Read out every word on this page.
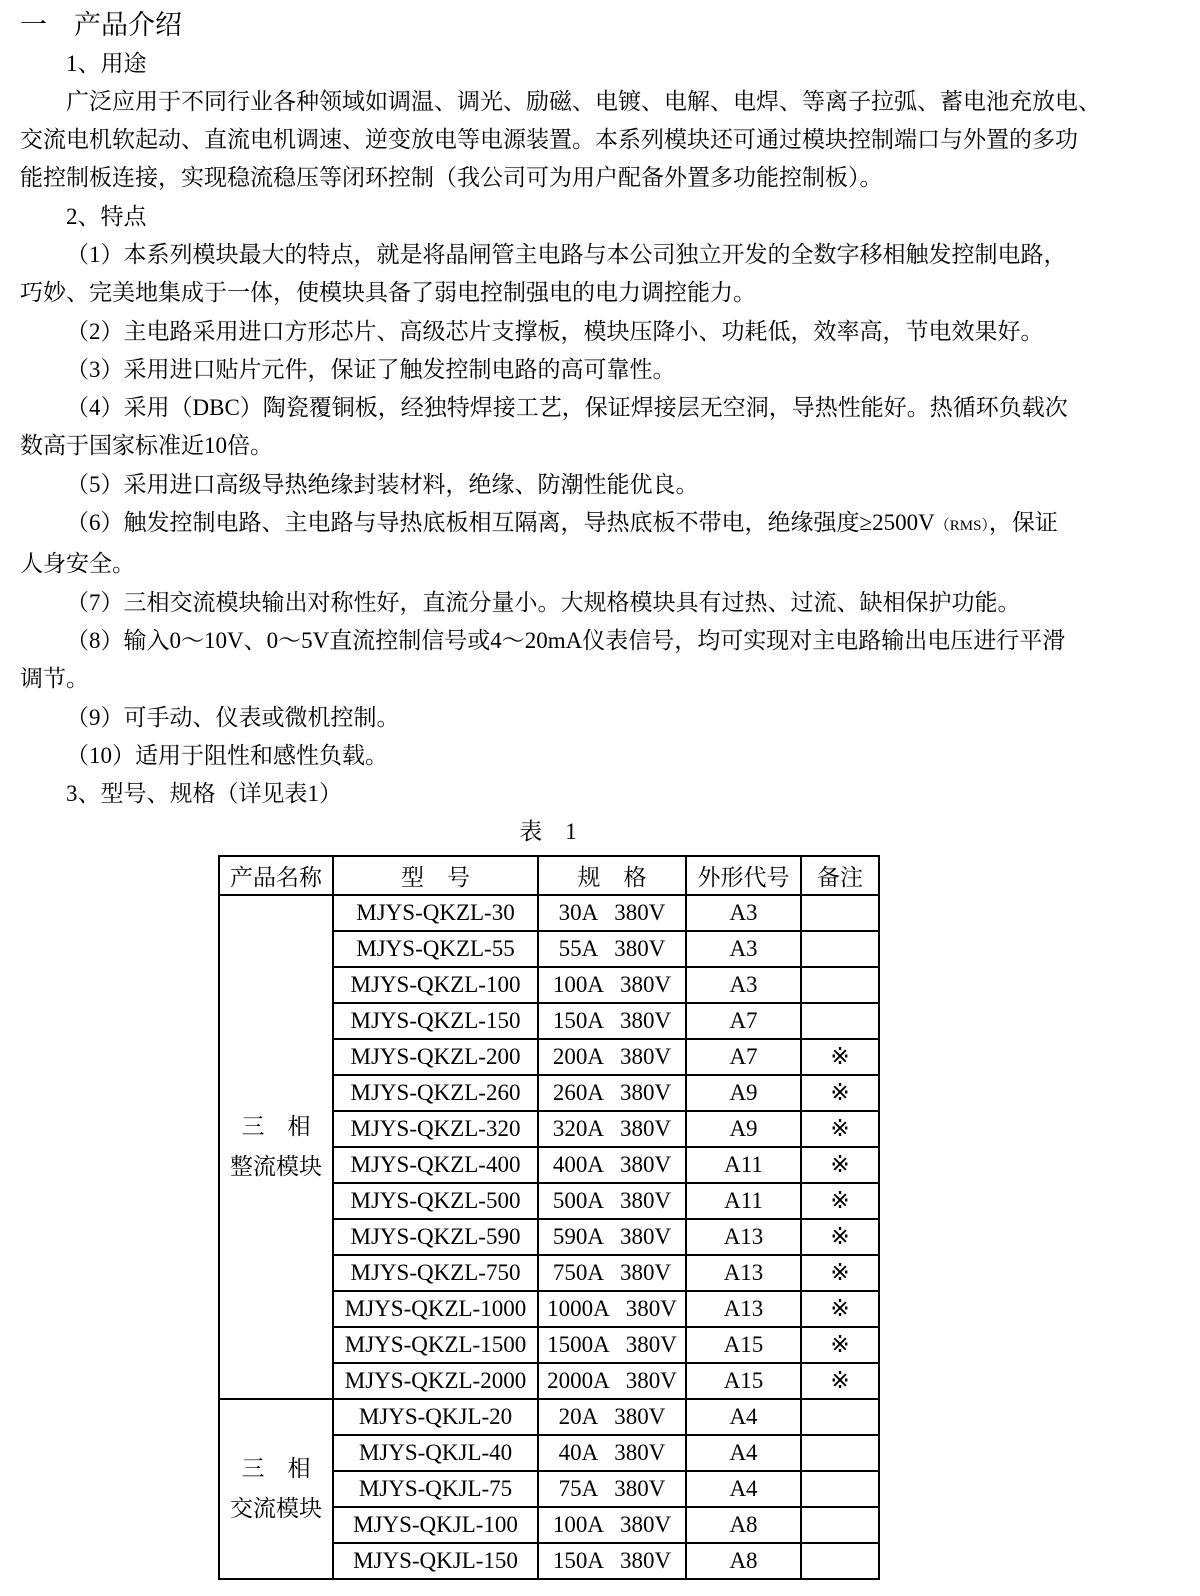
一　产品介绍
1、用途
广泛应用于不同行业各种领域如调温、调光、励磁、电镀、电解、电焊、等离子拉弧、蓄电池充放电、
交流电机软起动、直流电机调速、逆变放电等电源装置。本系列模块还可通过模块控制端口与外置的多功
能控制板连接，实现稳流稳压等闭环控制（我公司可为用户配备外置多功能控制板）。
2、特点
（1）本系列模块最大的特点，就是将晶闸管主电路与本公司独立开发的全数字移相触发控制电路，
巧妙、完美地集成于一体，使模块具备了弱电控制强电的电力调控能力。
（2）主电路采用进口方形芯片、高级芯片支撑板，模块压降小、功耗低，效率高，节电效果好。
（3）采用进口贴片元件，保证了触发控制电路的高可靠性。
（4）采用（DBC）陶瓷覆铜板，经独特焊接工艺，保证焊接层无空洞，导热性能好。热循环负载次
数高于国家标准近10倍。
（5）采用进口高级导热绝缘封装材料，绝缘、防潮性能优良。
（6）触发控制电路、主电路与导热底板相互隔离，导热底板不带电，绝缘强度≥2500V（RMS），保证
人身安全。
（7）三相交流模块输出对称性好，直流分量小。大规格模块具有过热、过流、缺相保护功能。
（8）输入0～10V、0～5V直流控制信号或4～20mA仪表信号，均可实现对主电路输出电压进行平滑
调节。
（9）可手动、仪表或微机控制。
（10）适用于阻性和感性负载。
3、型号、规格（详见表1）
表　1
产品名称	型　号	规　格	外形代号	备注

三　相
整流模块	MJYS-QKZL-30	30A   380V	A3	
	MJYS-QKZL-55	55A   380V	A3	
	MJYS-QKZL-100	100A   380V	A3	
	MJYS-QKZL-150	150A   380V	A7	
	MJYS-QKZL-200	200A   380V	A7	※
	MJYS-QKZL-260	260A   380V	A9	※
	MJYS-QKZL-320	320A   380V	A9	※
	MJYS-QKZL-400	400A   380V	A11	※
	MJYS-QKZL-500	500A   380V	A11	※
	MJYS-QKZL-590	590A   380V	A13	※
	MJYS-QKZL-750	750A   380V	A13	※
	MJYS-QKZL-1000	1000A   380V	A13	※
	MJYS-QKZL-1500	1500A   380V	A15	※
	MJYS-QKZL-2000	2000A   380V	A15	※

三　相
交流模块	MJYS-QKJL-20	20A   380V	A4	
	MJYS-QKJL-40	40A   380V	A4	
	MJYS-QKJL-75	75A   380V	A4	
	MJYS-QKJL-100	100A   380V	A8	
	MJYS-QKJL-150	150A   380V	A8	
